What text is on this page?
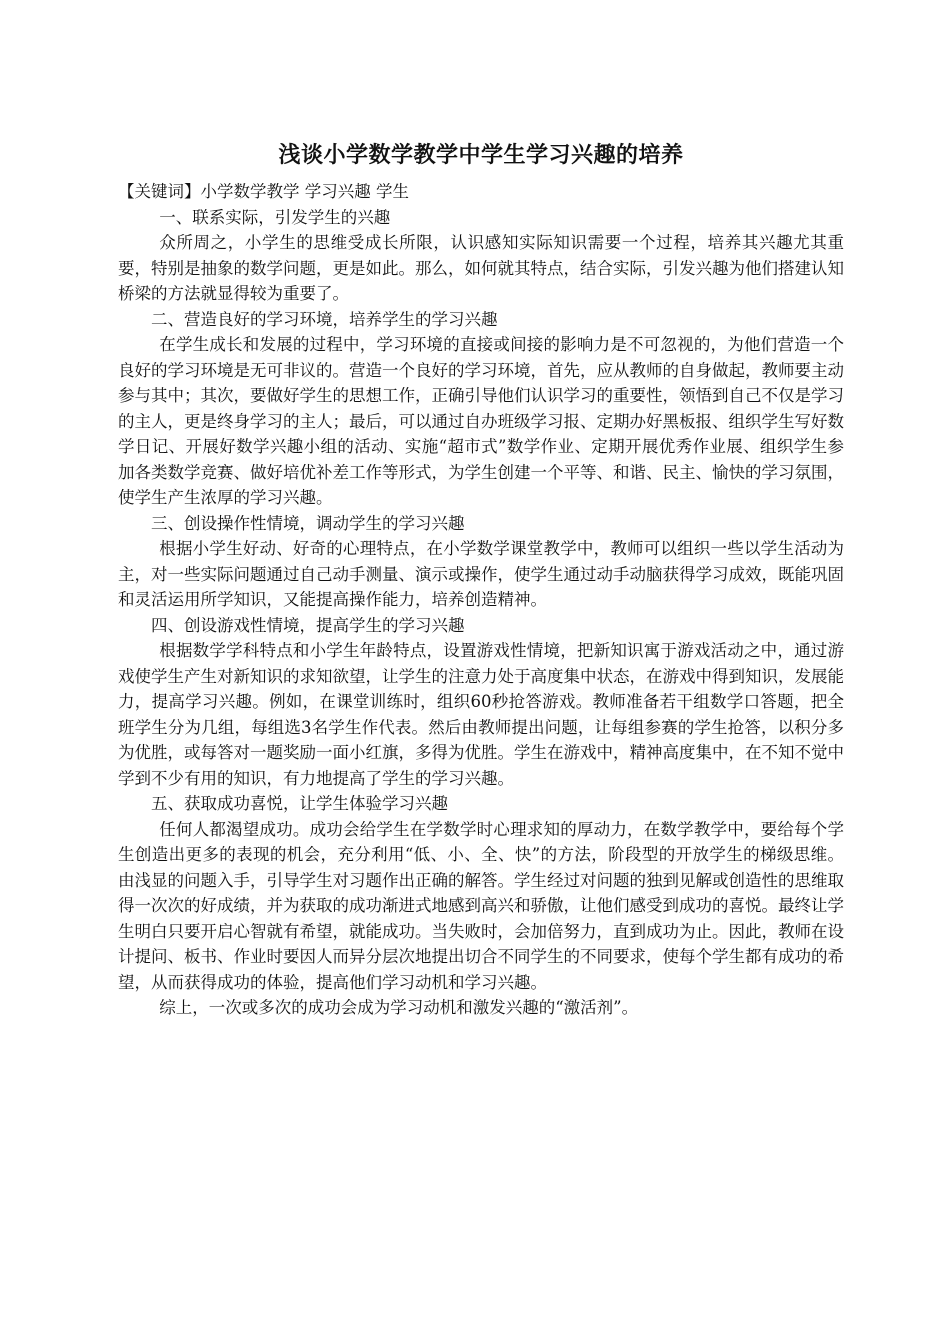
浅谈小学数学教学中学生学习兴趣的培养

【关键词】小学数学教学 学习兴趣 学生

一、联系实际，引发学生的兴趣

众所周之，小学生的思维受成长所限，认识感知实际知识需要一个过程，培养其兴趣尤其重要，特别是抽象的数学问题，更是如此。那么，如何就其特点，结合实际，引发兴趣为他们搭建认知桥梁的方法就显得较为重要了。

二、营造良好的学习环境，培养学生的学习兴趣

在学生成长和发展的过程中，学习环境的直接或间接的影响力是不可忽视的，为他们营造一个良好的学习环境是无可非议的。营造一个良好的学习环境，首先，应从教师的自身做起，教师要主动参与其中；其次，要做好学生的思想工作，正确引导他们认识学习的重要性，领悟到自己不仅是学习的主人，更是终身学习的主人；最后，可以通过自办班级学习报、定期办好黑板报、组织学生写好数学日记、开展好数学兴趣小组的活动、实施“超市式”数学作业、定期开展优秀作业展、组织学生参加各类数学竞赛、做好培优补差工作等形式，为学生创建一个平等、和谐、民主、愉快的学习氛围，使学生产生浓厚的学习兴趣。

三、创设操作性情境，调动学生的学习兴趣

根据小学生好动、好奇的心理特点，在小学数学课堂教学中，教师可以组织一些以学生活动为主，对一些实际问题通过自己动手测量、演示或操作，使学生通过动手动脑获得学习成效，既能巩固和灵活运用所学知识，又能提高操作能力，培养创造精神。

四、创设游戏性情境，提高学生的学习兴趣

根据数学学科特点和小学生年龄特点，设置游戏性情境，把新知识寓于游戏活动之中，通过游戏使学生产生对新知识的求知欲望，让学生的注意力处于高度集中状态，在游戏中得到知识，发展能力，提高学习兴趣。例如，在课堂训练时，组织60秒抢答游戏。教师准备若干组数学口答题，把全班学生分为几组，每组选3名学生作代表。然后由教师提出问题，让每组参赛的学生抢答，以积分多为优胜，或每答对一题奖励一面小红旗，多得为优胜。学生在游戏中，精神高度集中，在不知不觉中学到不少有用的知识，有力地提高了学生的学习兴趣。

五、获取成功喜悦，让学生体验学习兴趣

任何人都渴望成功。成功会给学生在学数学时心理求知的厚动力，在数学教学中，要给每个学生创造出更多的表现的机会，充分利用“低、小、全、快”的方法，阶段型的开放学生的梯级思维。由浅显的问题入手，引导学生对习题作出正确的解答。学生经过对问题的独到见解或创造性的思维取得一次次的好成绩，并为获取的成功渐进式地感到高兴和骄傲，让他们感受到成功的喜悦。最终让学生明白只要开启心智就有希望，就能成功。当失败时，会加倍努力，直到成功为止。因此，教师在设计提问、板书、作业时要因人而异分层次地提出切合不同学生的不同要求，使每个学生都有成功的希望，从而获得成功的体验，提高他们学习动机和学习兴趣。

综上，一次或多次的成功会成为学习动机和激发兴趣的“激活剂”。
